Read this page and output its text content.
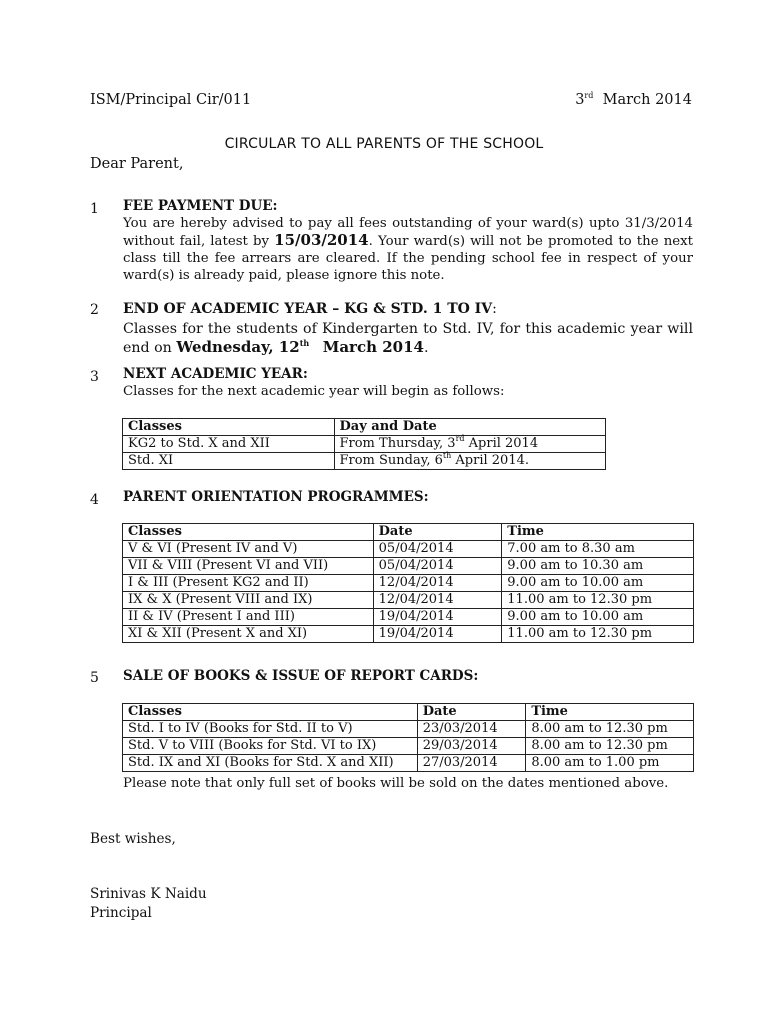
ISM/Principal Cir/011	3rd March 2014
CIRCULAR TO ALL PARENTS OF THE SCHOOL
Dear Parent,
1 FEE PAYMENT DUE:
You are hereby advised to pay all fees outstanding of your ward(s) upto 31/3/2014 without fail, latest by 15/03/2014. Your ward(s) will not be promoted to the next class till the fee arrears are cleared. If the pending school fee in respect of your ward(s) is already paid, please ignore this note.
2 END OF ACADEMIC YEAR – KG & STD. 1 TO IV:
Classes for the students of Kindergarten to Std. IV, for this academic year will end on Wednesday, 12th March 2014.
3 NEXT ACADEMIC YEAR:
Classes for the next academic year will begin as follows:
Classes	Day and Date
KG2 to Std. X and XII	From Thursday, 3rd April 2014
Std. XI	From Sunday, 6th April 2014.
4 PARENT ORIENTATION PROGRAMMES:
Classes	Date	Time
V & VI (Present IV and V)	05/04/2014	7.00 am to 8.30 am
VII & VIII (Present VI and VII)	05/04/2014	9.00 am to 10.30 am
I & III (Present KG2 and II)	12/04/2014	9.00 am to 10.00 am
IX & X (Present VIII and IX)	12/04/2014	11.00 am to 12.30 pm
II & IV (Present I and III)	19/04/2014	9.00 am to 10.00 am
XI & XII (Present X and XI)	19/04/2014	11.00 am to 12.30 pm
5 SALE OF BOOKS & ISSUE OF REPORT CARDS:
Classes	Date	Time
Std. I to IV (Books for Std. II to V)	23/03/2014	8.00 am to 12.30 pm
Std. V to VIII (Books for Std. VI to IX)	29/03/2014	8.00 am to 12.30 pm
Std. IX and XI (Books for Std. X and XII)	27/03/2014	8.00 am to 1.00 pm
Please note that only full set of books will be sold on the dates mentioned above.
Best wishes,
Srinivas K Naidu
Principal
